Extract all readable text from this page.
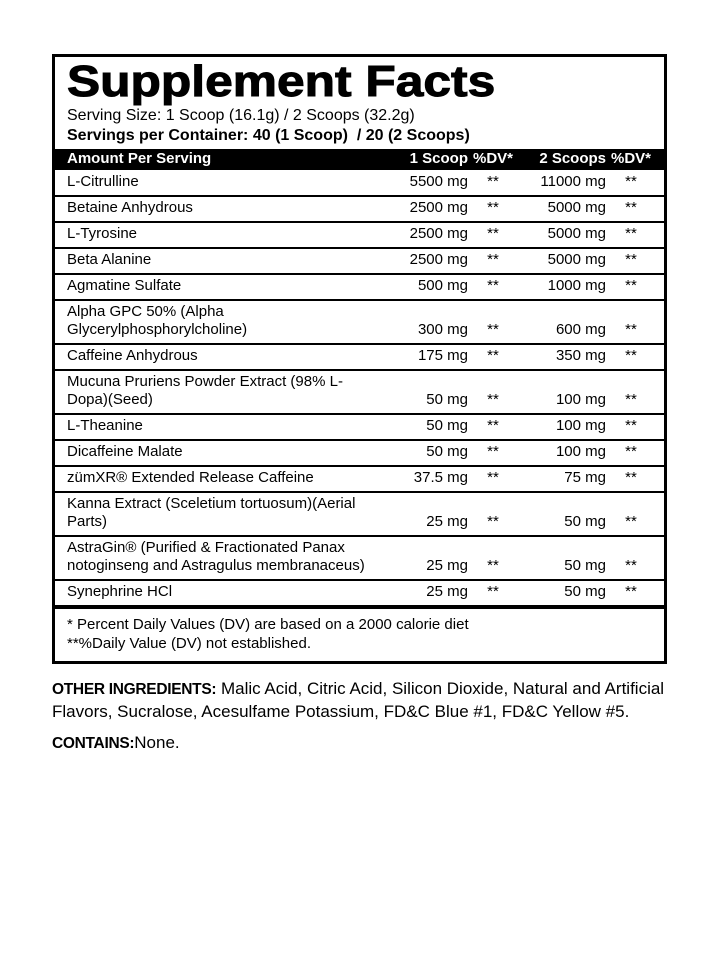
Supplement Facts
Serving Size: 1 Scoop (16.1g) / 2 Scoops (32.2g)
Servings per Container: 40 (1 Scoop)  / 20 (2 Scoops)
Amount Per Serving	1 Scoop %DV*	2 Scoops %DV*
L-Citrulline	5500 mg	**	11000 mg	**
Betaine Anhydrous	2500 mg	**	5000 mg	**
L-Tyrosine	2500 mg	**	5000 mg	**
Beta Alanine	2500 mg	**	5000 mg	**
Agmatine Sulfate	500 mg	**	1000 mg	**
Alpha GPC 50% (Alpha Glycerylphosphorylcholine)	300 mg	**	600 mg	**
Caffeine Anhydrous	175 mg	**	350 mg	**
Mucuna Pruriens Powder Extract (98% L-Dopa)(Seed)	50 mg	**	100 mg	**
L-Theanine	50 mg	**	100 mg	**
Dicaffeine Malate	50 mg	**	100 mg	**
zümXR® Extended Release Caffeine	37.5 mg	**	75 mg	**
Kanna Extract (Sceletium tortuosum)(Aerial Parts)	25 mg	**	50 mg	**
AstraGin® (Purified & Fractionated Panax notoginseng and Astragulus membranaceus)	25 mg	**	50 mg	**
Synephrine HCl	25 mg	**	50 mg	**
* Percent Daily Values (DV) are based on a 2000 calorie diet
**%Daily Value (DV) not established.

OTHER INGREDIENTS: Malic Acid, Citric Acid, Silicon Dioxide, Natural and Artificial Flavors, Sucralose, Acesulfame Potassium, FD&C Blue #1, FD&C Yellow #5.

CONTAINS:None.
